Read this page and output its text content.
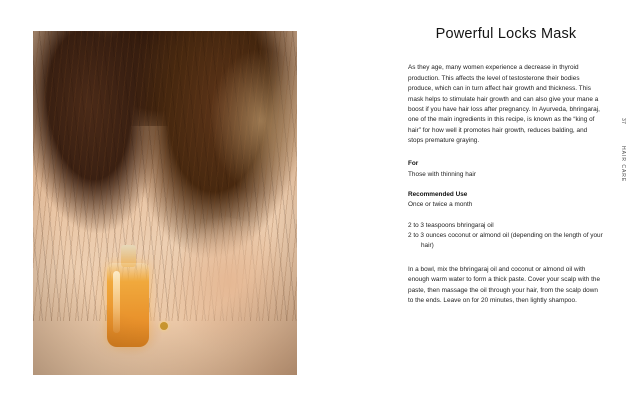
Powerful Locks Mask

As they age, many women experience a decrease in thyroid production. This affects the level of testosterone their bodies produce, which can in turn affect hair growth and thickness. This mask helps to stimulate hair growth and can also give your mane a boost if you have hair loss after pregnancy. In Ayurveda, bhringaraj, one of the main ingredients in this recipe, is known as the “king of hair” for how well it promotes hair growth, reduces balding, and stops premature graying.

For

Those with thinning hair

Recommended Use

Once or twice a month

2 to 3 teaspoons bhringaraj oil
2 to 3 ounces coconut or almond oil (depending on the length of your hair)

In a bowl, mix the bhringaraj oil and coconut or almond oil with enough warm water to form a thick paste. Cover your scalp with the paste, then massage the oil through your hair, from the scalp down to the ends. Leave on for 20 minutes, then lightly shampoo.

37
HAIR CARE
